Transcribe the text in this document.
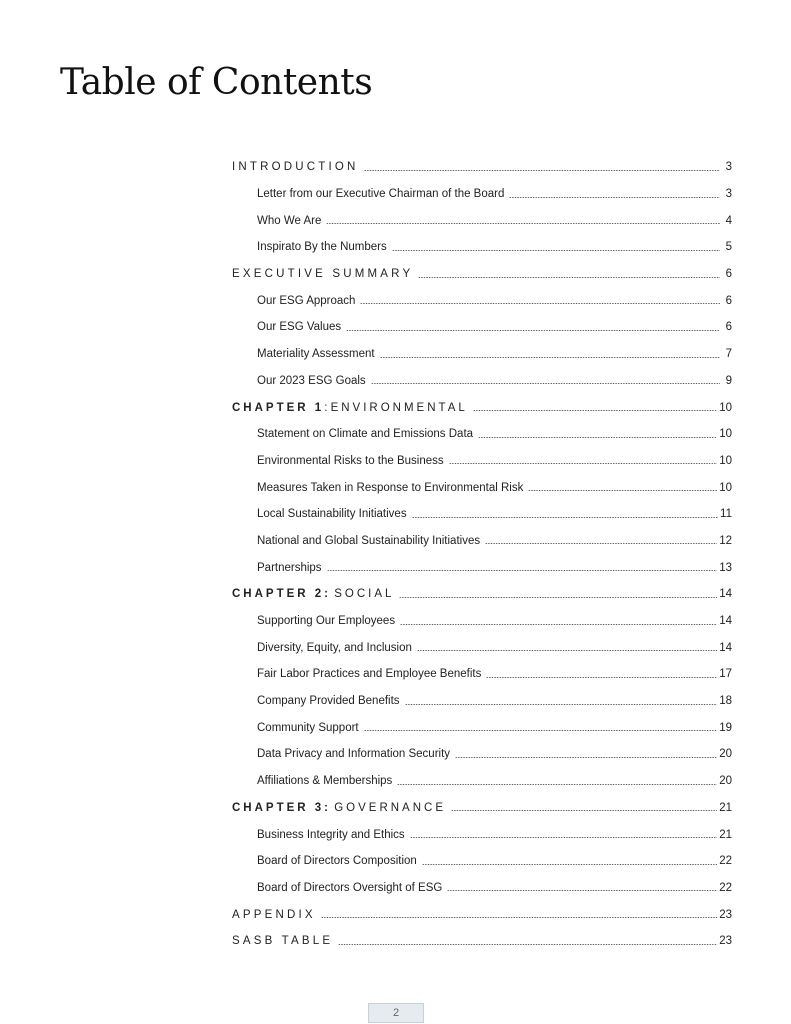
Table of Contents
INTRODUCTION	3
Letter from our Executive Chairman of the Board	3
Who We Are	4
Inspirato By the Numbers	5
EXECUTIVE SUMMARY	6
Our ESG Approach	6
Our ESG Values	6
Materiality Assessment	7
Our 2023 ESG Goals	9
CHAPTER 1: ENVIRONMENTAL	10
Statement on Climate and Emissions Data	10
Environmental Risks to the Business	10
Measures Taken in Response to Environmental Risk	10
Local Sustainability Initiatives	11
National and Global Sustainability Initiatives	12
Partnerships	13
CHAPTER 2: SOCIAL	14
Supporting Our Employees	14
Diversity, Equity, and Inclusion	14
Fair Labor Practices and Employee Benefits	17
Company Provided Benefits	18
Community Support	19
Data Privacy and Information Security	20
Affiliations & Memberships	20
CHAPTER 3: GOVERNANCE	21
Business Integrity and Ethics	21
Board of Directors Composition	22
Board of Directors Oversight of ESG	22
APPENDIX	23
SASB TABLE	23
2
